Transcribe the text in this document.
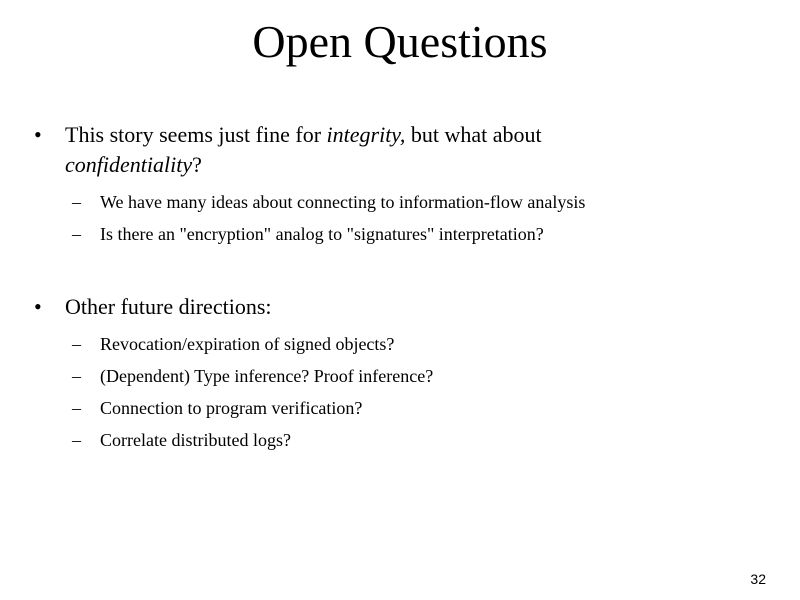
Open Questions
•	This story seems just fine for integrity, but what about
confidentiality?
– We have many ideas about connecting to information-flow analysis
– Is there an "encryption" analog to "signatures" interpretation?
•	Other future directions:
– Revocation/expiration of signed objects?
– (Dependent) Type inference? Proof inference?
– Connection to program verification?
– Correlate distributed logs?
32
